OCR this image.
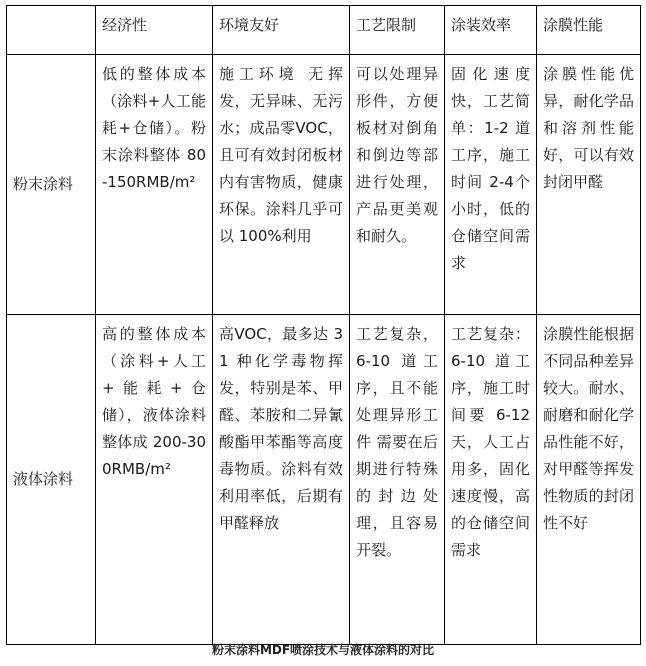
	经济性	环境友好	工艺限制	涂装效率	涂膜性能
粉末涂料	低的整体成本（涂料+人工能耗+仓储）。粉末涂料整体 80-150RMB/m²	施工环境 无挥发，无异味、无污水；成品零VOC，且可有效封闭板材内有害物质，健康环保。涂料几乎可以 100%利用	可以处理异形件，方便板材对倒角和倒边等部进行处理，产品更美观和耐久。	固化速度快，工艺简单：1-2 道工序，施工时间 2-4个小时，低的仓储空间需求	涂膜性能优异，耐化学品和溶剂性能好，可以有效封闭甲醛
液体涂料	高的整体成本（涂料+人工+能耗+仓储），液体涂料整体成 200-300RMB/m²	高VOC，最多达 31 种化学毒物挥发，特别是苯、甲醛、苯胺和二异氰酸酯甲苯酯等高度毒物质。涂料有效利用率低，后期有甲醛释放	工艺复杂，6-10 道工序，且不能处理异形工件 需要在后期进行特殊的封边处理，且容易开裂。	工艺复杂：6-10 道工序，施工时间要 6-12 天，人工占用多，固化速度慢，高的仓储空间需求	涂膜性能根据不同品种差异较大。耐水、耐磨和耐化学品性能不好，对甲醛等挥发性物质的封闭性不好
粉末涂料MDF喷涂技术与液体涂料的对比
